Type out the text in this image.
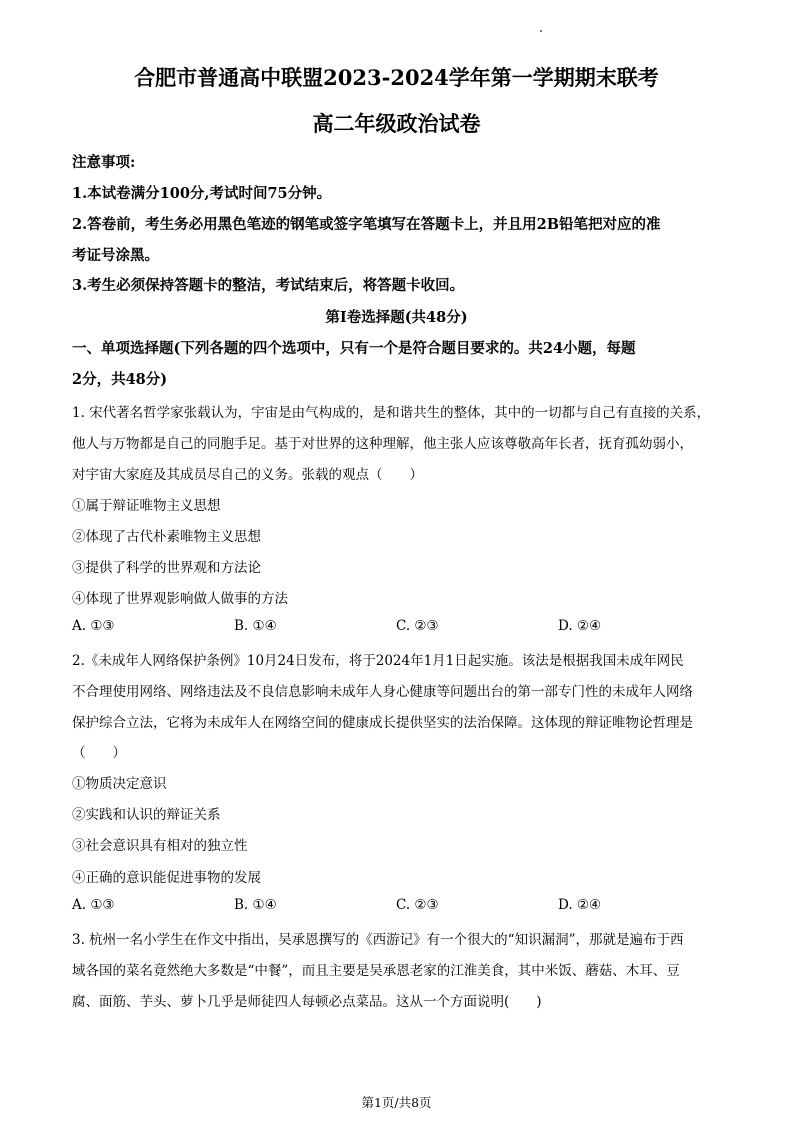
合肥市普通高中联盟2023-2024学年第一学期期末联考
高二年级政治试卷
注意事项:
1.本试卷满分100分,考试时间75分钟。
2.答卷前，考生务必用黑色笔迹的钢笔或签字笔填写在答题卡上，并且用2B铅笔把对应的准
考证号涂黑。
3.考生必须保持答题卡的整洁，考试结束后，将答题卡收回。
第Ⅰ卷选择题(共48分)
一、单项选择题(下列各题的四个选项中，只有一个是符合题目要求的。共24小题，每题
2分，共48分)
1. 宋代著名哲学家张载认为，宇宙是由气构成的，是和谐共生的整体，其中的一切都与自己有直接的关系，
他人与万物都是自己的同胞手足。基于对世界的这种理解，他主张人应该尊敬高年长者，抚育孤幼弱小，
对宇宙大家庭及其成员尽自己的义务。张载的观点（　　）
①属于辩证唯物主义思想
②体现了古代朴素唯物主义思想
③提供了科学的世界观和方法论
④体现了世界观影响做人做事的方法
A. ①③	B. ①④	C. ②③	D. ②④
2.《未成年人网络保护条例》10月24日发布，将于2024年1月1日起实施。该法是根据我国未成年网民
不合理使用网络、网络违法及不良信息影响未成年人身心健康等问题出台的第一部专门性的未成年人网络
保护综合立法，它将为未成年人在网络空间的健康成长提供坚实的法治保障。这体现的辩证唯物论哲理是
（　　）
①物质决定意识
②实践和认识的辩证关系
③社会意识具有相对的独立性
④正确的意识能促进事物的发展
A. ①③	B. ①④	C. ②③	D. ②④
3. 杭州一名小学生在作文中指出，吴承恩撰写的《西游记》有一个很大的“知识漏洞”，那就是遍布于西
域各国的菜名竟然绝大多数是“中餐”，而且主要是吴承恩老家的江淮美食，其中米饭、蘑菇、木耳、豆
腐、面筋、芋头、萝卜几乎是师徒四人每顿必点菜品。这从一个方面说明(　　)
第1页/共8页
